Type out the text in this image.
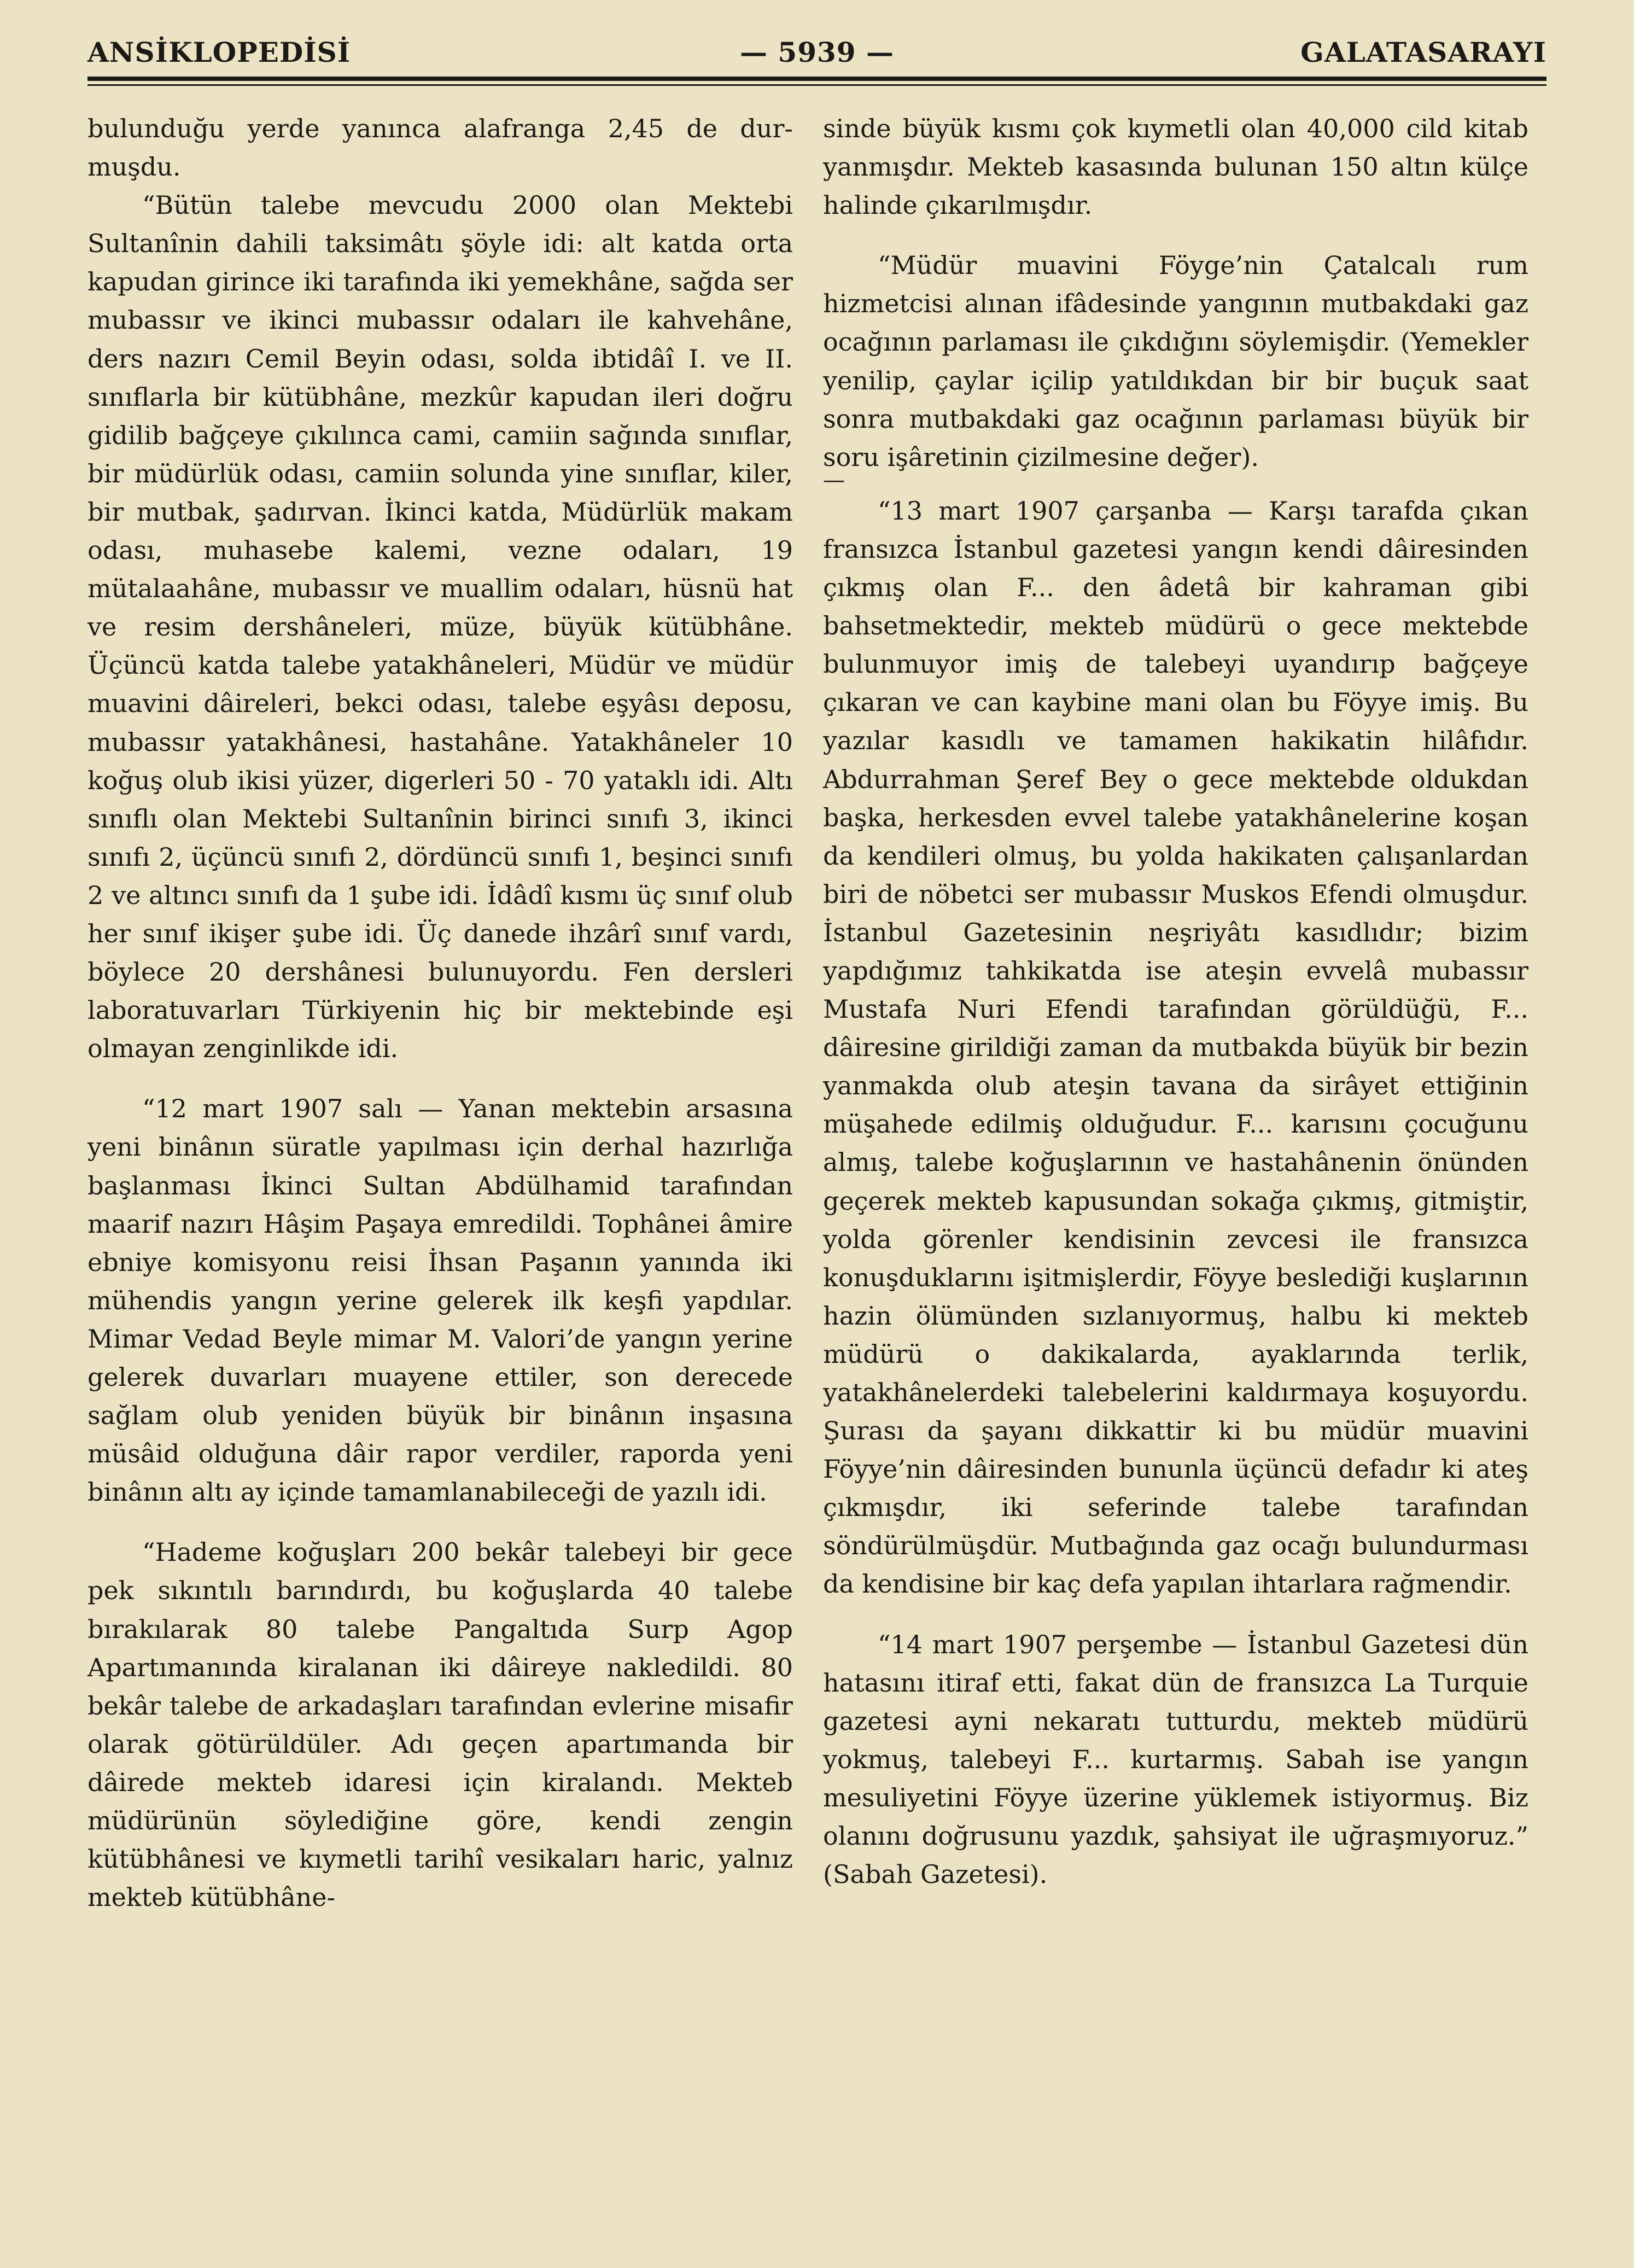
ANSİKLOPEDİSİ	— 5939 —	GALATASARAYI

bulunduğu yerde yanınca alafranga 2,45 de dur- muşdu.

“Bütün talebe mevcudu 2000 olan Mektebi Sultanînin dahili taksimâtı şöyle idi: alt katda orta kapudan girince iki tarafında iki yemekhâne, sağda ser mubassır ve ikinci mubassır odaları ile kahvehâne, ders nazırı Cemil Beyin odası, solda ibtidâî I. ve II. sınıflarla bir kütübhâne, mezkûr kapudan ileri doğru gidilib bağçeye çıkılınca cami, camiin sağında sınıflar, bir müdürlük odası, camiin solunda yine sınıflar, kiler, bir mutbak, şadırvan. İkinci katda, Müdürlük makam odası, muhasebe kalemi, vezne odaları, 19 mütalaahâne, mubassır ve muallim odaları, hüsnü hat ve resim dershâneleri, müze, büyük kütübhâne. Üçüncü katda talebe yatakhâneleri, Müdür ve müdür muavini dâireleri, bekci odası, talebe eşyâsı deposu, mubassır yatakhânesi, hastahâne. Yatakhâneler 10 koğuş olub ikisi yüzer, digerleri 50 - 70 yataklı idi. Altı sınıflı olan Mektebi Sultanînin birinci sınıfı 3, ikinci sınıfı 2, üçüncü sınıfı 2, dördüncü sınıfı 1, beşinci sınıfı 2 ve altıncı sınıfı da 1 şube idi. İdâdî kısmı üç sınıf olub her sınıf ikişer şube idi. Üç danede ihzârî sınıf vardı, böylece 20 dershânesi bulunuyordu. Fen dersleri laboratuvarları Türkiyenin hiç bir mektebinde eşi olmayan zenginlikde idi.

“12 mart 1907 salı — Yanan mektebin arsasına yeni binânın süratle yapılması için derhal hazırlığa başlanması İkinci Sultan Abdülhamid tarafından maarif nazırı Hâşim Paşaya emredildi. Tophânei âmire ebniye komisyonu reisi İhsan Paşanın yanında iki mühendis yangın yerine gelerek ilk keşfi yapdılar. Mimar Vedad Beyle mimar M. Valori’de yangın yerine gelerek duvarları muayene ettiler, son derecede sağlam olub yeniden büyük bir binânın inşasına müsâid olduğuna dâir rapor verdiler, raporda yeni binânın altı ay içinde tamamlanabileceği de yazılı idi.

“Hademe koğuşları 200 bekâr talebeyi bir gece pek sıkıntılı barındırdı, bu koğuşlarda 40 talebe bırakılarak 80 talebe Pangaltıda Surp Agop Apartımanında kiralanan iki dâireye nakledildi. 80 bekâr talebe de arkadaşları tarafından evlerine misafir olarak götürüldüler. Adı geçen apartımanda bir dâirede mekteb idaresi için kiralandı. Mekteb müdürünün söylediğine göre, kendi zengin kütübhânesi ve kıymetli tarihî vesikaları haric, yalnız mekteb kütübhâne-

sinde büyük kısmı çok kıymetli olan 40,000 cild kitab yanmışdır. Mekteb kasasında bulunan 150 altın külçe halinde çıkarılmışdır.

“Müdür muavini Föyge’nin Çatalcalı rum hizmetcisi alınan ifâdesinde yangının mutbakdaki gaz ocağının parlaması ile çıkdığını söylemişdir. (Yemekler yenilip, çaylar içilip yatıldıkdan bir bir buçuk saat sonra mutbakdaki gaz ocağının parlaması büyük bir soru işâretinin çizilmesine değer).

—

“13 mart 1907 çarşanba — Karşı tarafda çıkan fransızca İstanbul gazetesi yangın kendi dâiresinden çıkmış olan F... den âdetâ bir kahraman gibi bahsetmektedir, mekteb müdürü o gece mektebde bulunmuyor imiş de talebeyi uyandırıp bağçeye çıkaran ve can kaybine mani olan bu Föyye imiş. Bu yazılar kasıdlı ve tamamen hakikatin hilâfıdır. Abdurrahman Şeref Bey o gece mektebde oldukdan başka, herkesden evvel talebe yatakhânelerine koşan da kendileri olmuş, bu yolda hakikaten çalışanlardan biri de nöbetci ser mubassır Muskos Efendi olmuşdur. İstanbul Gazetesinin neşriyâtı kasıdlıdır; bizim yapdığımız tahkikatda ise ateşin evvelâ mubassır Mustafa Nuri Efendi tarafından görüldüğü, F... dâiresine girildiği zaman da mutbakda büyük bir bezin yanmakda olub ateşin tavana da sirâyet ettiğinin müşahede edilmiş olduğudur. F... karısını çocuğunu almış, talebe koğuşlarının ve hastahânenin önünden geçerek mekteb kapusundan sokağa çıkmış, gitmiştir, yolda görenler kendisinin zevcesi ile fransızca konuşduklarını işitmişlerdir, Föyye beslediği kuşlarının hazin ölümünden sızlanıyormuş, halbu ki mekteb müdürü o dakikalarda, ayaklarında terlik, yatakhânelerdeki talebelerini kaldırmaya koşuyordu. Şurası da şayanı dikkattir ki bu müdür muavini Föyye’nin dâiresinden bununla üçüncü defadır ki ateş çıkmışdır, iki seferinde talebe tarafından söndürülmüşdür. Mutbağında gaz ocağı bulundurması da kendisine bir kaç defa yapılan ihtarlara rağmendir.

“14 mart 1907 perşembe — İstanbul Gazetesi dün hatasını itiraf etti, fakat dün de fransızca La Turquie gazetesi ayni nekaratı tutturdu, mekteb müdürü yokmuş, talebeyi F... kurtarmış. Sabah ise yangın mesuliyetini Föyye üzerine yüklemek istiyormuş. Biz olanını doğrusunu yazdık, şahsiyat ile uğraşmıyoruz.” (Sabah Gazetesi).
